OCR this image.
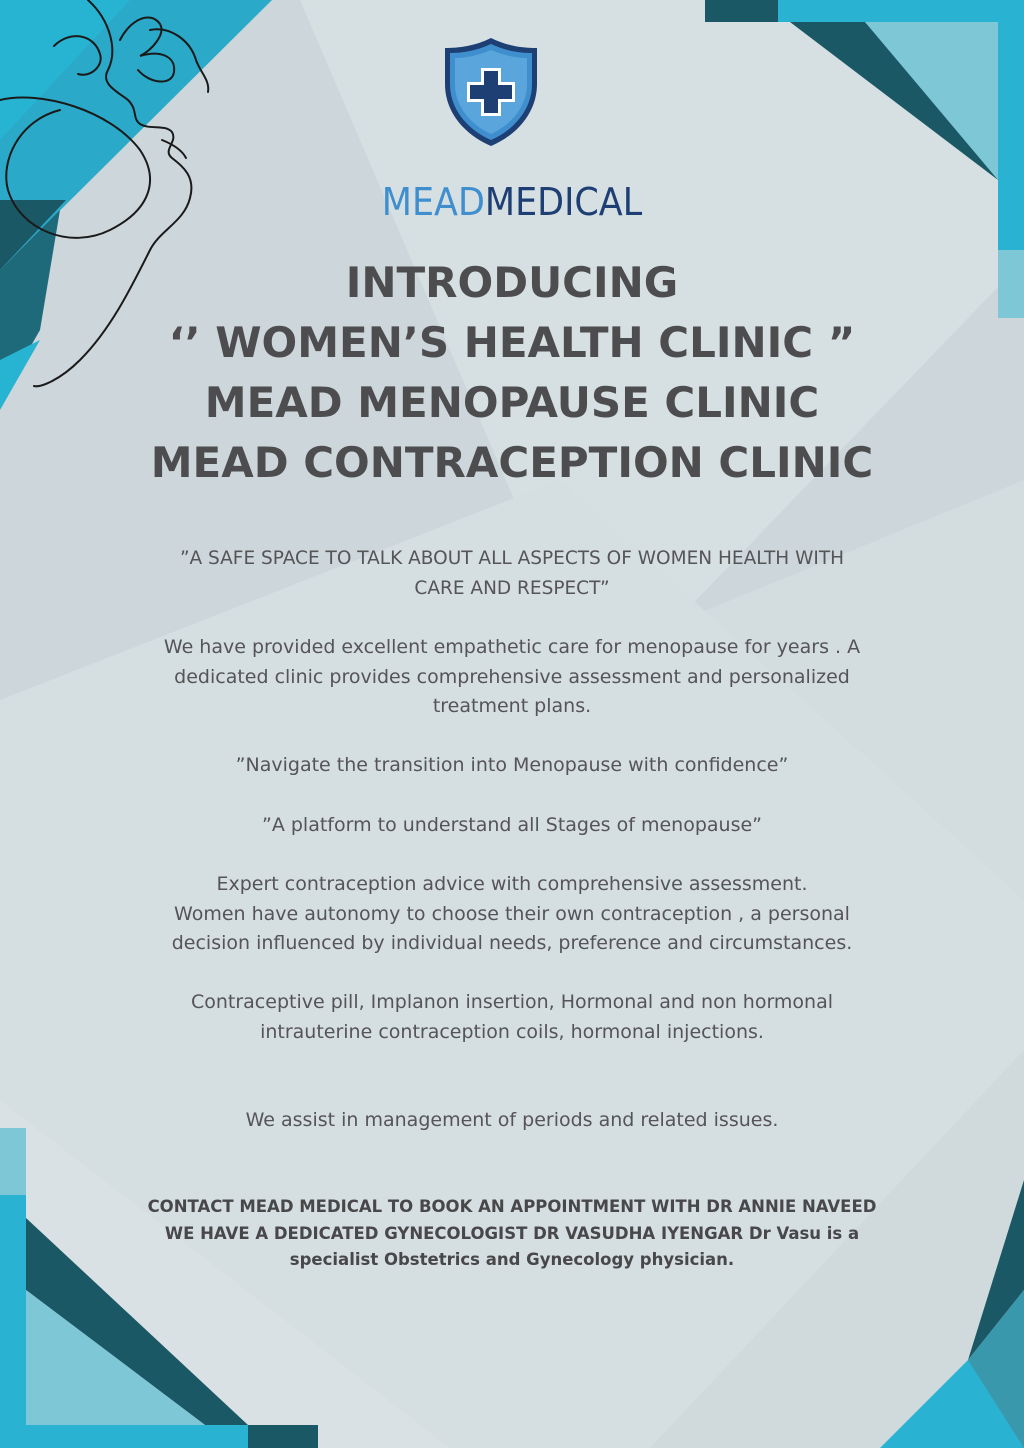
MEADMEDICAL
INTRODUCING
‘’ WOMEN’S HEALTH CLINIC ”
MEAD MENOPAUSE CLINIC
MEAD CONTRACEPTION CLINIC
”A SAFE SPACE TO TALK ABOUT ALL ASPECTS OF WOMEN HEALTH WITH
CARE AND RESPECT”
We have provided excellent empathetic care for menopause for years . A
dedicated clinic provides comprehensive assessment and personalized
treatment plans.
”Navigate the transition into Menopause with confidence”
”A platform to understand all Stages of menopause”
Expert contraception advice with comprehensive assessment.
Women have autonomy to choose their own contraception , a personal
decision influenced by individual needs, preference and circumstances.
Contraceptive pill, Implanon insertion, Hormonal and non hormonal
intrauterine contraception coils, hormonal injections.
We assist in management of periods and related issues.
CONTACT MEAD MEDICAL TO BOOK AN APPOINTMENT WITH DR ANNIE NAVEED
WE HAVE A DEDICATED GYNECOLOGIST DR VASUDHA IYENGAR Dr Vasu is a
specialist Obstetrics and Gynecology physician.
